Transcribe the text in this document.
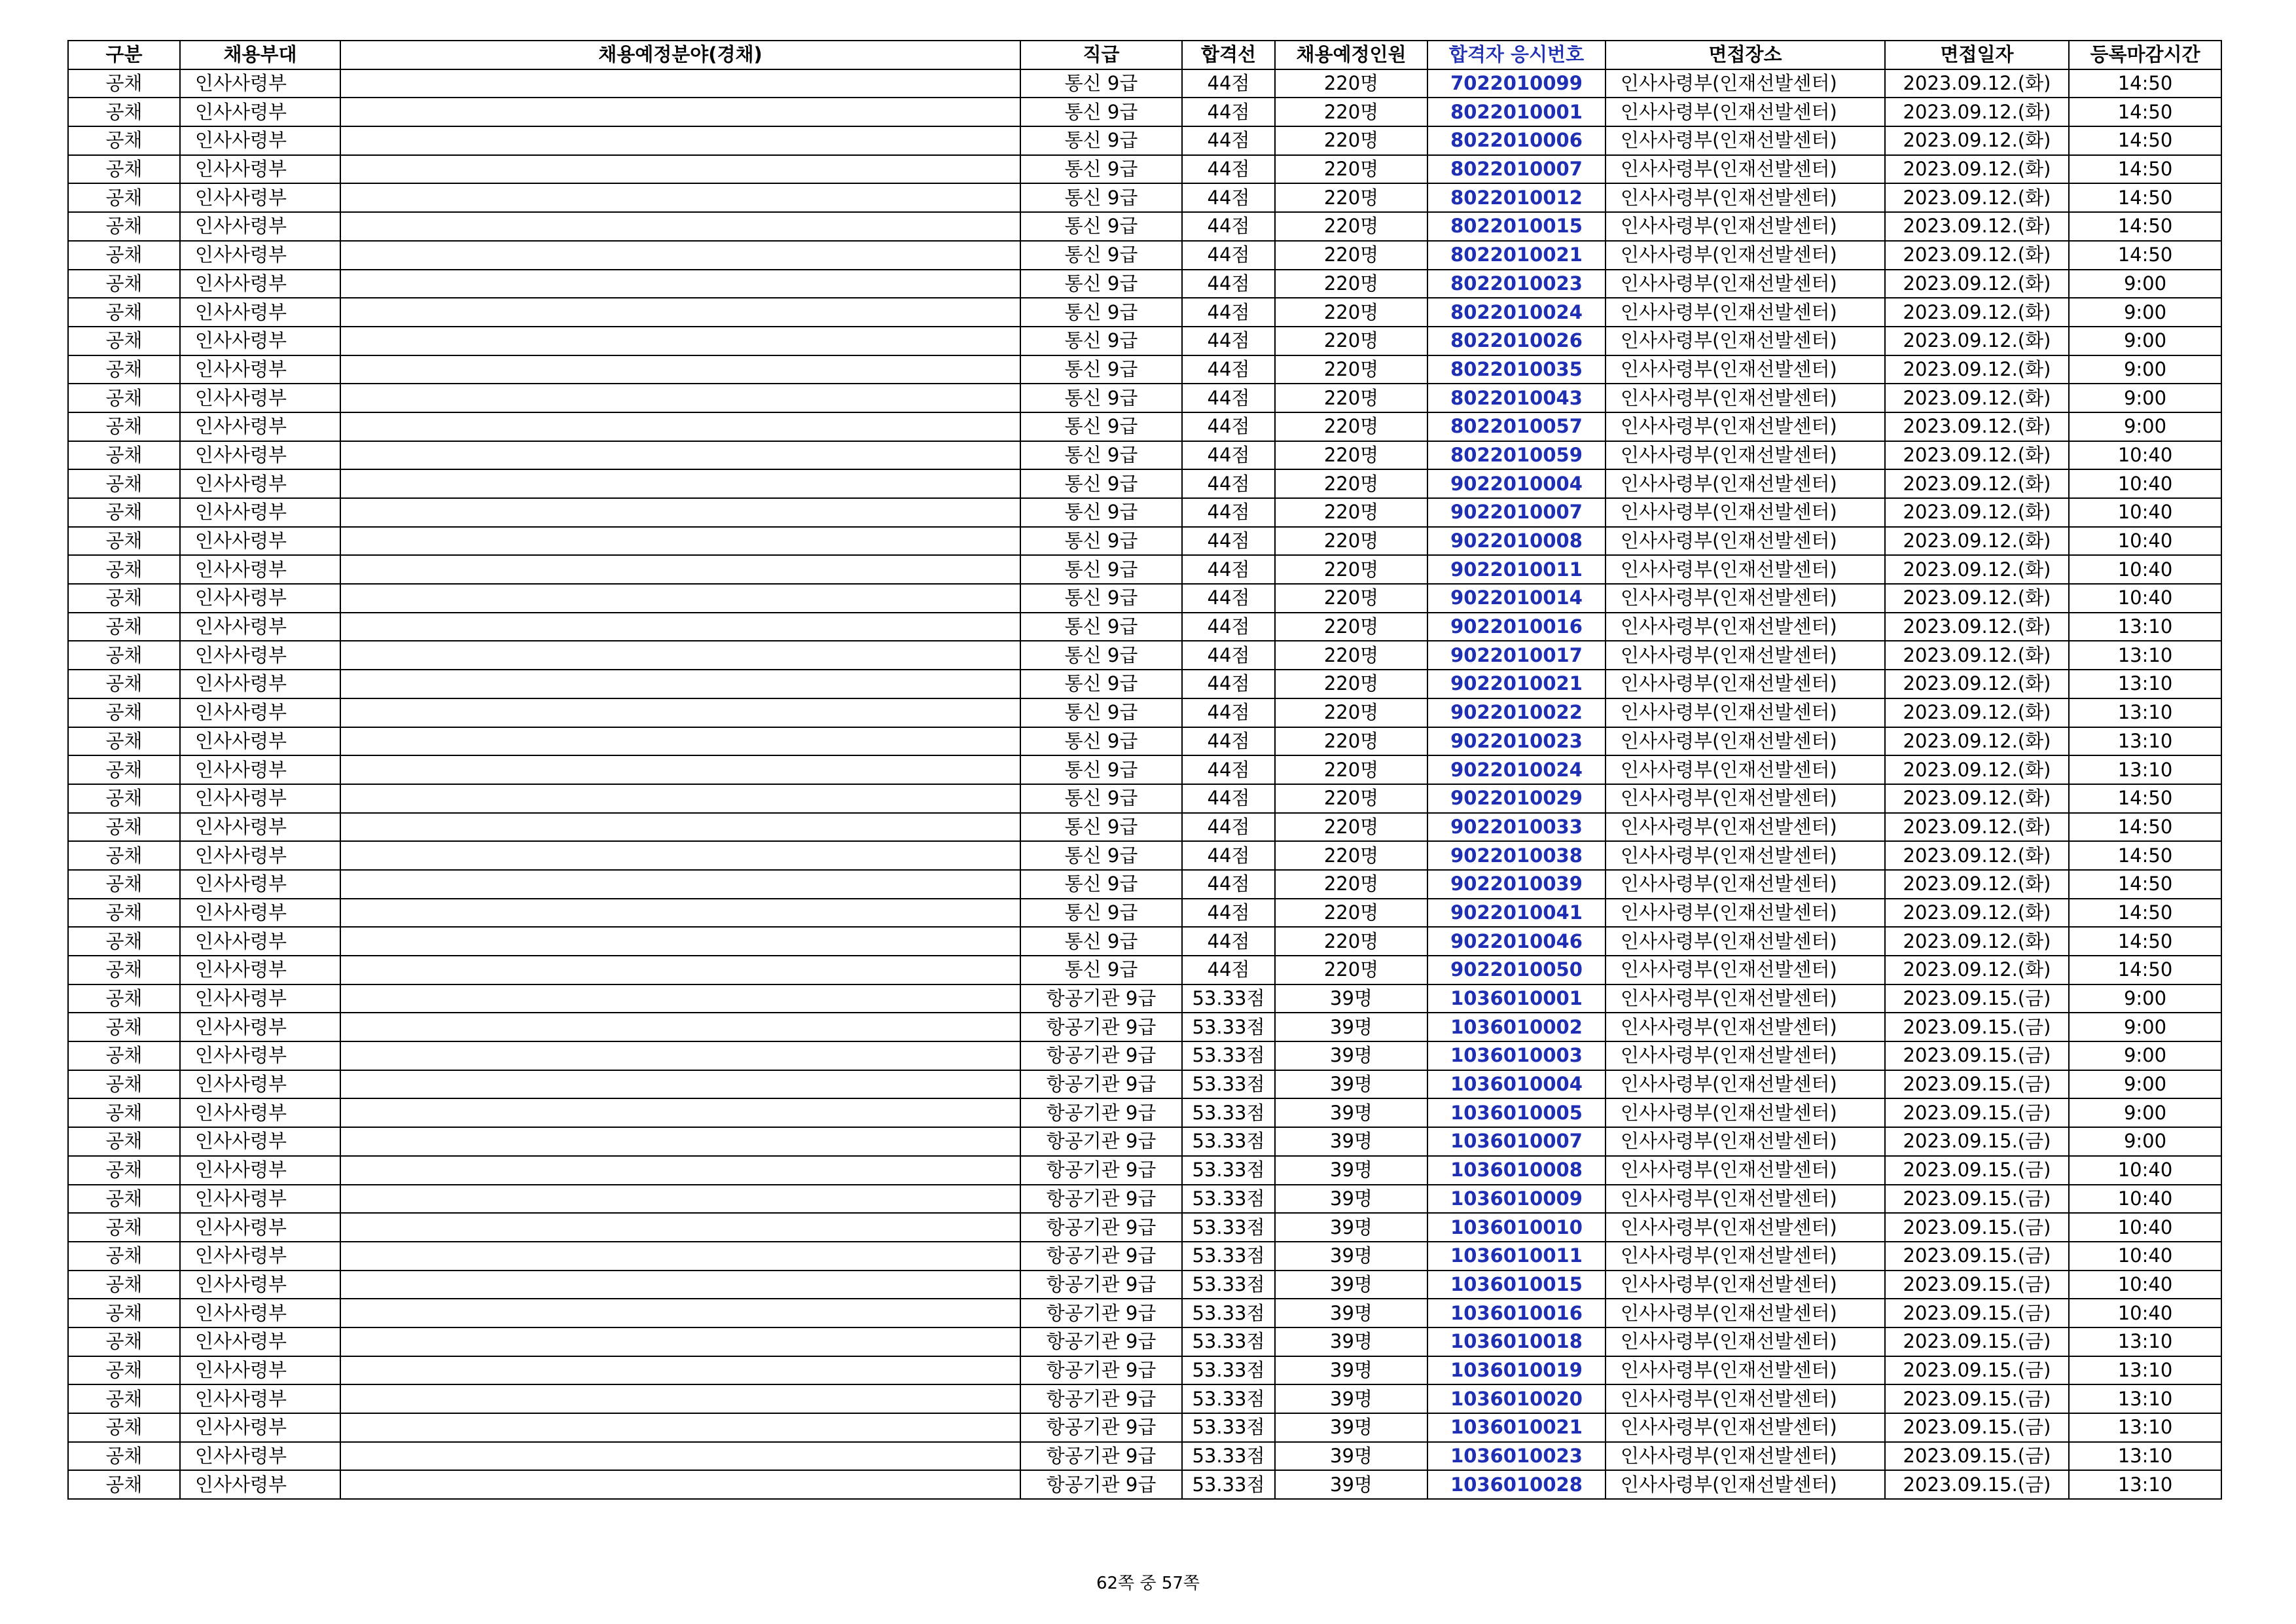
구분	채용부대	채용예정분야(경채)	직급	합격선	채용예정인원	합격자 응시번호	면접장소	면접일자	등록마감시간
공채	인사사령부		통신 9급	44점	220명	7022010099	인사사령부(인재선발센터)	2023.09.12.(화)	14:50
공채	인사사령부		통신 9급	44점	220명	8022010001	인사사령부(인재선발센터)	2023.09.12.(화)	14:50
공채	인사사령부		통신 9급	44점	220명	8022010006	인사사령부(인재선발센터)	2023.09.12.(화)	14:50
공채	인사사령부		통신 9급	44점	220명	8022010007	인사사령부(인재선발센터)	2023.09.12.(화)	14:50
공채	인사사령부		통신 9급	44점	220명	8022010012	인사사령부(인재선발센터)	2023.09.12.(화)	14:50
공채	인사사령부		통신 9급	44점	220명	8022010015	인사사령부(인재선발센터)	2023.09.12.(화)	14:50
공채	인사사령부		통신 9급	44점	220명	8022010021	인사사령부(인재선발센터)	2023.09.12.(화)	14:50
공채	인사사령부		통신 9급	44점	220명	8022010023	인사사령부(인재선발센터)	2023.09.12.(화)	9:00
공채	인사사령부		통신 9급	44점	220명	8022010024	인사사령부(인재선발센터)	2023.09.12.(화)	9:00
공채	인사사령부		통신 9급	44점	220명	8022010026	인사사령부(인재선발센터)	2023.09.12.(화)	9:00
공채	인사사령부		통신 9급	44점	220명	8022010035	인사사령부(인재선발센터)	2023.09.12.(화)	9:00
공채	인사사령부		통신 9급	44점	220명	8022010043	인사사령부(인재선발센터)	2023.09.12.(화)	9:00
공채	인사사령부		통신 9급	44점	220명	8022010057	인사사령부(인재선발센터)	2023.09.12.(화)	9:00
공채	인사사령부		통신 9급	44점	220명	8022010059	인사사령부(인재선발센터)	2023.09.12.(화)	10:40
공채	인사사령부		통신 9급	44점	220명	9022010004	인사사령부(인재선발센터)	2023.09.12.(화)	10:40
공채	인사사령부		통신 9급	44점	220명	9022010007	인사사령부(인재선발센터)	2023.09.12.(화)	10:40
공채	인사사령부		통신 9급	44점	220명	9022010008	인사사령부(인재선발센터)	2023.09.12.(화)	10:40
공채	인사사령부		통신 9급	44점	220명	9022010011	인사사령부(인재선발센터)	2023.09.12.(화)	10:40
공채	인사사령부		통신 9급	44점	220명	9022010014	인사사령부(인재선발센터)	2023.09.12.(화)	10:40
공채	인사사령부		통신 9급	44점	220명	9022010016	인사사령부(인재선발센터)	2023.09.12.(화)	13:10
공채	인사사령부		통신 9급	44점	220명	9022010017	인사사령부(인재선발센터)	2023.09.12.(화)	13:10
공채	인사사령부		통신 9급	44점	220명	9022010021	인사사령부(인재선발센터)	2023.09.12.(화)	13:10
공채	인사사령부		통신 9급	44점	220명	9022010022	인사사령부(인재선발센터)	2023.09.12.(화)	13:10
공채	인사사령부		통신 9급	44점	220명	9022010023	인사사령부(인재선발센터)	2023.09.12.(화)	13:10
공채	인사사령부		통신 9급	44점	220명	9022010024	인사사령부(인재선발센터)	2023.09.12.(화)	13:10
공채	인사사령부		통신 9급	44점	220명	9022010029	인사사령부(인재선발센터)	2023.09.12.(화)	14:50
공채	인사사령부		통신 9급	44점	220명	9022010033	인사사령부(인재선발센터)	2023.09.12.(화)	14:50
공채	인사사령부		통신 9급	44점	220명	9022010038	인사사령부(인재선발센터)	2023.09.12.(화)	14:50
공채	인사사령부		통신 9급	44점	220명	9022010039	인사사령부(인재선발센터)	2023.09.12.(화)	14:50
공채	인사사령부		통신 9급	44점	220명	9022010041	인사사령부(인재선발센터)	2023.09.12.(화)	14:50
공채	인사사령부		통신 9급	44점	220명	9022010046	인사사령부(인재선발센터)	2023.09.12.(화)	14:50
공채	인사사령부		통신 9급	44점	220명	9022010050	인사사령부(인재선발센터)	2023.09.12.(화)	14:50
공채	인사사령부		항공기관 9급	53.33점	39명	1036010001	인사사령부(인재선발센터)	2023.09.15.(금)	9:00
공채	인사사령부		항공기관 9급	53.33점	39명	1036010002	인사사령부(인재선발센터)	2023.09.15.(금)	9:00
공채	인사사령부		항공기관 9급	53.33점	39명	1036010003	인사사령부(인재선발센터)	2023.09.15.(금)	9:00
공채	인사사령부		항공기관 9급	53.33점	39명	1036010004	인사사령부(인재선발센터)	2023.09.15.(금)	9:00
공채	인사사령부		항공기관 9급	53.33점	39명	1036010005	인사사령부(인재선발센터)	2023.09.15.(금)	9:00
공채	인사사령부		항공기관 9급	53.33점	39명	1036010007	인사사령부(인재선발센터)	2023.09.15.(금)	9:00
공채	인사사령부		항공기관 9급	53.33점	39명	1036010008	인사사령부(인재선발센터)	2023.09.15.(금)	10:40
공채	인사사령부		항공기관 9급	53.33점	39명	1036010009	인사사령부(인재선발센터)	2023.09.15.(금)	10:40
공채	인사사령부		항공기관 9급	53.33점	39명	1036010010	인사사령부(인재선발센터)	2023.09.15.(금)	10:40
공채	인사사령부		항공기관 9급	53.33점	39명	1036010011	인사사령부(인재선발센터)	2023.09.15.(금)	10:40
공채	인사사령부		항공기관 9급	53.33점	39명	1036010015	인사사령부(인재선발센터)	2023.09.15.(금)	10:40
공채	인사사령부		항공기관 9급	53.33점	39명	1036010016	인사사령부(인재선발센터)	2023.09.15.(금)	10:40
공채	인사사령부		항공기관 9급	53.33점	39명	1036010018	인사사령부(인재선발센터)	2023.09.15.(금)	13:10
공채	인사사령부		항공기관 9급	53.33점	39명	1036010019	인사사령부(인재선발센터)	2023.09.15.(금)	13:10
공채	인사사령부		항공기관 9급	53.33점	39명	1036010020	인사사령부(인재선발센터)	2023.09.15.(금)	13:10
공채	인사사령부		항공기관 9급	53.33점	39명	1036010021	인사사령부(인재선발센터)	2023.09.15.(금)	13:10
공채	인사사령부		항공기관 9급	53.33점	39명	1036010023	인사사령부(인재선발센터)	2023.09.15.(금)	13:10
공채	인사사령부		항공기관 9급	53.33점	39명	1036010028	인사사령부(인재선발센터)	2023.09.15.(금)	13:10
62쪽 중 57쪽
